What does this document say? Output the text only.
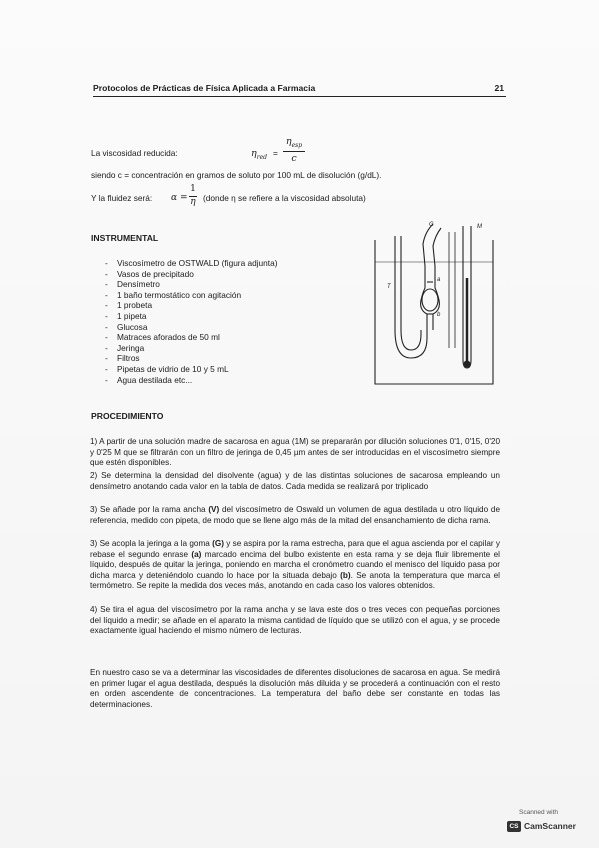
Protocolos de Prácticas de Física Aplicada a Farmacia	21
La viscosidad reducida:	$\eta_{red}$ =
$\eta_{esp}$
c
siendo c = concentración en gramos de soluto por 100 mL de disolución (g/dL).
Y la fluidez será: α =
1
η (donde η se refiere a la viscosidad absoluta)
INSTRUMENTAL
- Viscosímetro de OSTWALD (figura adjunta)
- Vasos de precipitado
- Densímetro
- 1 baño termostático con agitación
- 1 probeta
- 1 pipeta
- Glucosa
- Matraces aforados de 50 ml
- Jeringa
- Filtros
- Pipetas de vidrio de 10 y 5 mL
- Agua destilada etc...
G	M
T
a
b
PROCEDIMIENTO

1) A partir de una solución madre de sacarosa en agua (1M) se prepararán por dilución soluciones 0'1, 0'15, 0'20 y 0'25 M que se filtrarán con un filtro de jeringa de 0,45 µm antes de ser introducidas en el viscosímetro siempre que estén disponibles.

2) Se determina la densidad del disolvente (agua) y de las distintas soluciones de sacarosa empleando un densímetro anotando cada valor en la tabla de datos. Cada medida se realizará por triplicado

3) Se añade por la rama ancha (V) del viscosímetro de Oswald un volumen de agua destilada u otro líquido de referencia, medido con pipeta, de modo que se llene algo más de la mitad del ensanchamiento de dicha rama.

3) Se acopla la jeringa a la goma (G) y se aspira por la rama estrecha, para que el agua ascienda por el capilar y rebase el segundo enrase (a) marcado encima del bulbo existente en esta rama y se deja fluir libremente el líquido, después de quitar la jeringa, poniendo en marcha el cronómetro cuando el menisco del líquido pasa por dicha marca y deteniéndolo cuando lo hace por la situada debajo (b). Se anota la temperatura que marca el termómetro. Se repite la medida dos veces más, anotando en cada caso los valores obtenidos.

4) Se tira el agua del viscosímetro por la rama ancha y se lava este dos o tres veces con pequeñas porciones del líquido a medir; se añade en el aparato la misma cantidad de líquido que se utilizó con el agua, y se procede exactamente igual haciendo el mismo número de lecturas.

En nuestro caso se va a determinar las viscosidades de diferentes disoluciones de sacarosa en agua. Se medirá en primer lugar el agua destilada, después la disolución más diluida y se procederá a continuación con el resto en orden ascendente de concentraciones. La temperatura del baño debe ser constante en todas las determinaciones.

Scanned with
CS CamScanner
